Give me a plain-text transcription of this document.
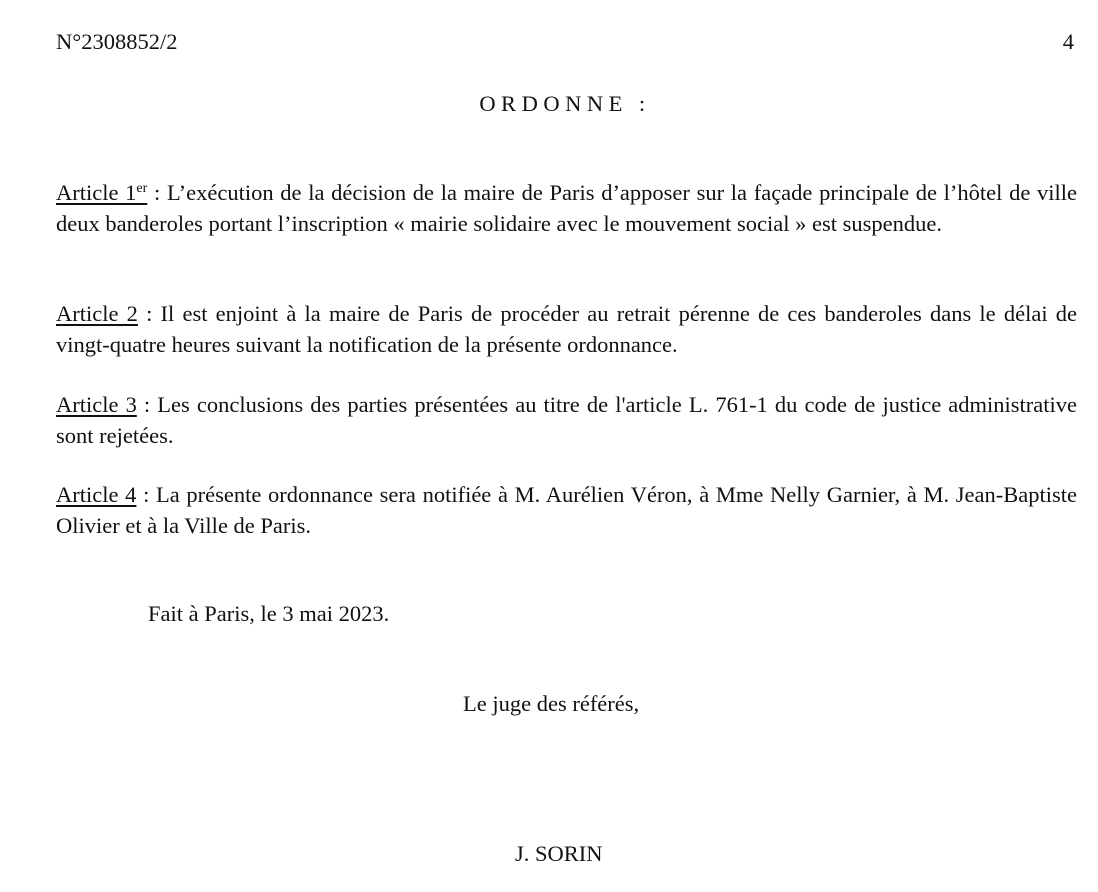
N°2308852/2	4
ORDONNE :
Article 1er : L’exécution de la décision de la maire de Paris d’apposer sur la façade principale de l’hôtel de ville deux banderoles portant l’inscription « mairie solidaire avec le mouvement social » est suspendue.
Article 2 : Il est enjoint à la maire de Paris de procéder au retrait pérenne de ces banderoles dans le délai de vingt-quatre heures suivant la notification de la présente ordonnance.
Article 3 : Les conclusions des parties présentées au titre de l'article L. 761-1 du code de justice administrative sont rejetées.
Article 4 : La présente ordonnance sera notifiée à M. Aurélien Véron, à Mme Nelly Garnier, à M. Jean-Baptiste Olivier et à la Ville de Paris.
Fait à Paris, le 3 mai 2023.
Le juge des référés,
J. SORIN
